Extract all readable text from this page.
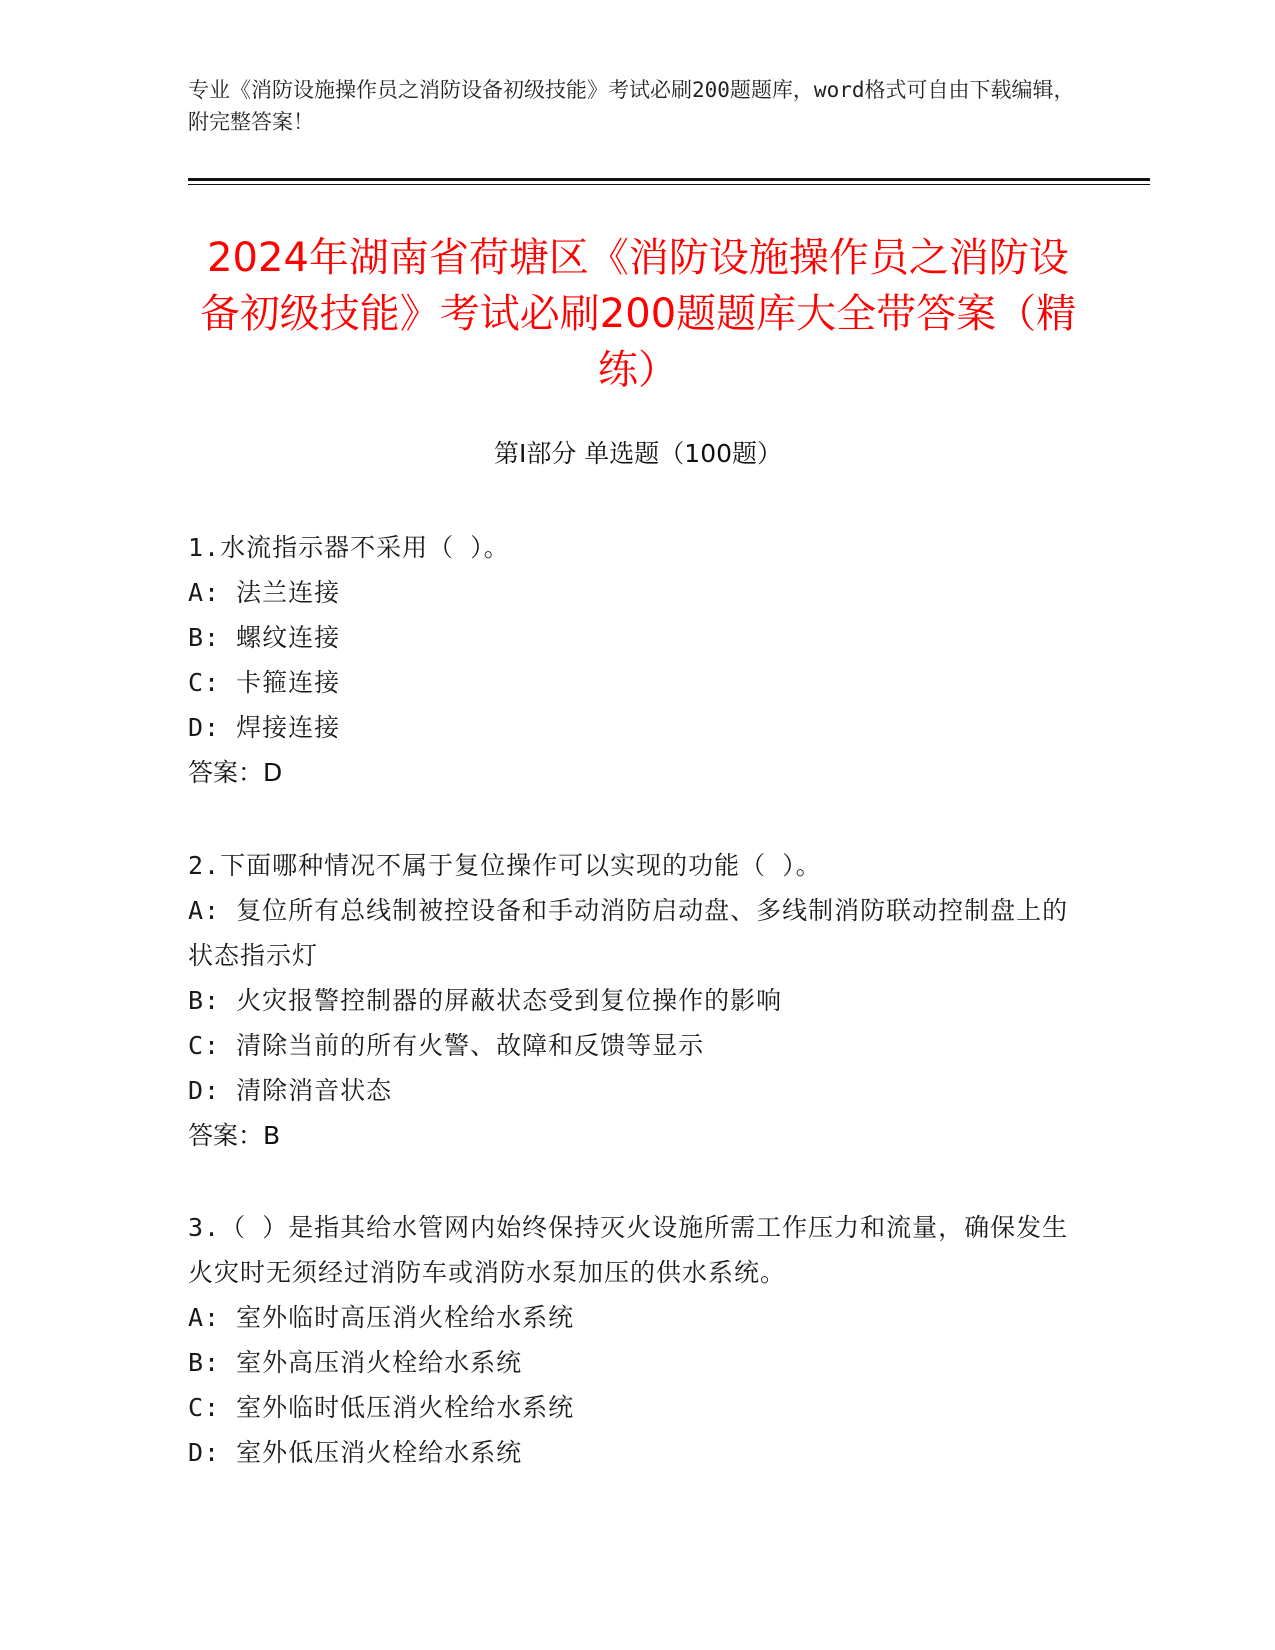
专业《消防设施操作员之消防设备初级技能》考试必刷200题题库，word格式可自由下载编辑，附完整答案！
2024年湖南省荷塘区《消防设施操作员之消防设备初级技能》考试必刷200题题库大全带答案（精练）
第Ⅰ部分 单选题（100题）
1.水流指示器不采用（ ）。
A: 法兰连接
B: 螺纹连接
C: 卡箍连接
D: 焊接连接
答案：D
2.下面哪种情况不属于复位操作可以实现的功能（ ）。
A: 复位所有总线制被控设备和手动消防启动盘、多线制消防联动控制盘上的状态指示灯
B: 火灾报警控制器的屏蔽状态受到复位操作的影响
C: 清除当前的所有火警、故障和反馈等显示
D: 清除消音状态
答案：B
3.（ ）是指其给水管网内始终保持灭火设施所需工作压力和流量，确保发生火灾时无须经过消防车或消防水泵加压的供水系统。
A: 室外临时高压消火栓给水系统
B: 室外高压消火栓给水系统
C: 室外临时低压消火栓给水系统
D: 室外低压消火栓给水系统
